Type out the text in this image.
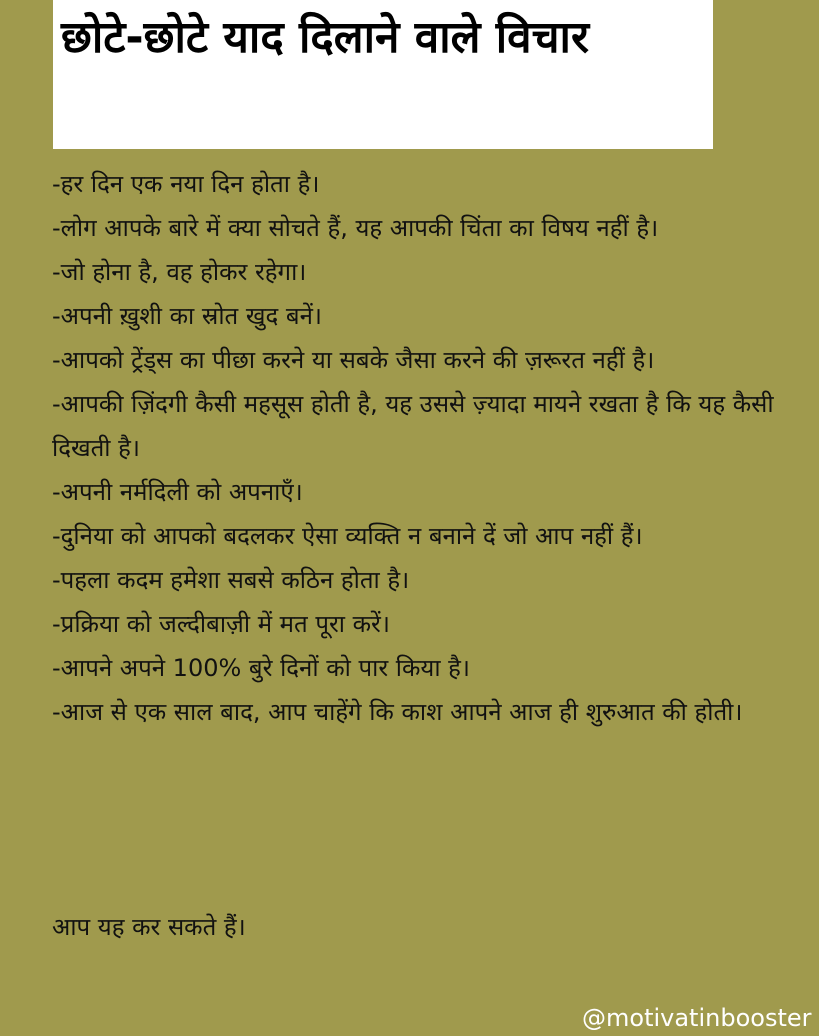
छोटे-छोटे याद दिलाने वाले विचार
-हर दिन एक नया दिन होता है।
-लोग आपके बारे में क्या सोचते हैं, यह आपकी चिंता का विषय नहीं है।
-जो होना है, वह होकर रहेगा।
-अपनी ख़ुशी का स्रोत खुद बनें।
-आपको ट्रेंड्स का पीछा करने या सबके जैसा करने की ज़रूरत नहीं है।
-आपकी ज़िंदगी कैसी महसूस होती है, यह उससे ज़्यादा मायने रखता है कि यह कैसी दिखती है।
-अपनी नर्मदिली को अपनाएँ।
-दुनिया को आपको बदलकर ऐसा व्यक्ति न बनाने दें जो आप नहीं हैं।
-पहला कदम हमेशा सबसे कठिन होता है।
-प्रक्रिया को जल्दीबाज़ी में मत पूरा करें।
-आपने अपने 100% बुरे दिनों को पार किया है।
-आज से एक साल बाद, आप चाहेंगे कि काश आपने आज ही शुरुआत की होती।

आप यह कर सकते हैं।

@motivatinbooster
